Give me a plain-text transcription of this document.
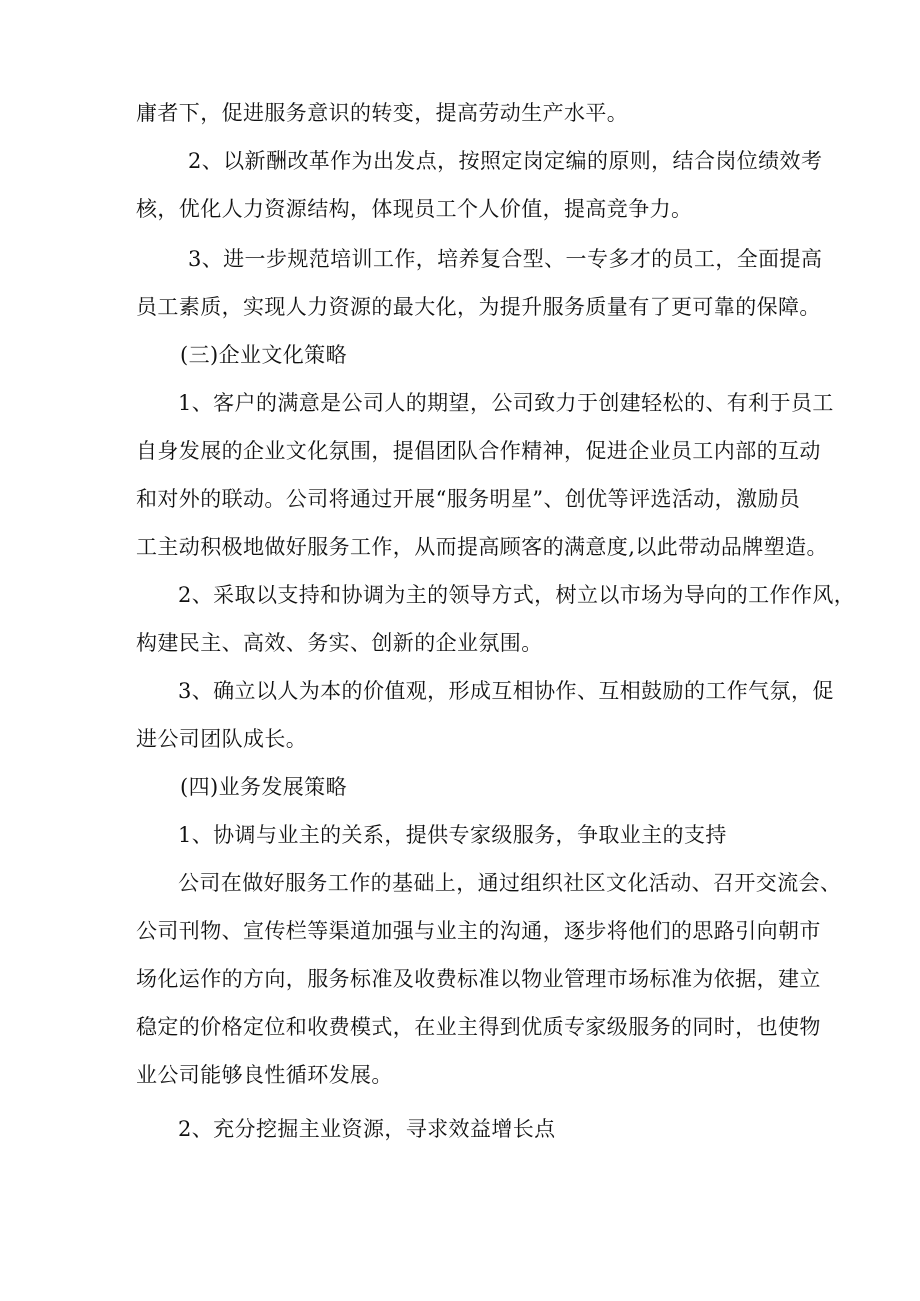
庸者下，促进服务意识的转变，提高劳动生产水平。
2、以新酬改革作为出发点，按照定岗定编的原则，结合岗位绩效考
核，优化人力资源结构，体现员工个人价值，提高竞争力。
3、进一步规范培训工作，培养复合型、一专多才的员工，全面提高
员工素质，实现人力资源的最大化，为提升服务质量有了更可靠的保障。
(三)企业文化策略
1、客户的满意是公司人的期望，公司致力于创建轻松的、有利于员工
自身发展的企业文化氛围，提倡团队合作精神，促进企业员工内部的互动
和对外的联动。公司将通过开展“服务明星”、创优等评选活动，激励员
工主动积极地做好服务工作，从而提高顾客的满意度,以此带动品牌塑造。
2、采取以支持和协调为主的领导方式，树立以市场为导向的工作作风，
构建民主、高效、务实、创新的企业氛围。
3、确立以人为本的价值观，形成互相协作、互相鼓励的工作气氛，促
进公司团队成长。
(四)业务发展策略
1、协调与业主的关系，提供专家级服务，争取业主的支持
公司在做好服务工作的基础上，通过组织社区文化活动、召开交流会、
公司刊物、宣传栏等渠道加强与业主的沟通，逐步将他们的思路引向朝市
场化运作的方向，服务标准及收费标准以物业管理市场标准为依据，建立
稳定的价格定位和收费模式，在业主得到优质专家级服务的同时，也使物
业公司能够良性循环发展。
2、充分挖掘主业资源，寻求效益增长点
